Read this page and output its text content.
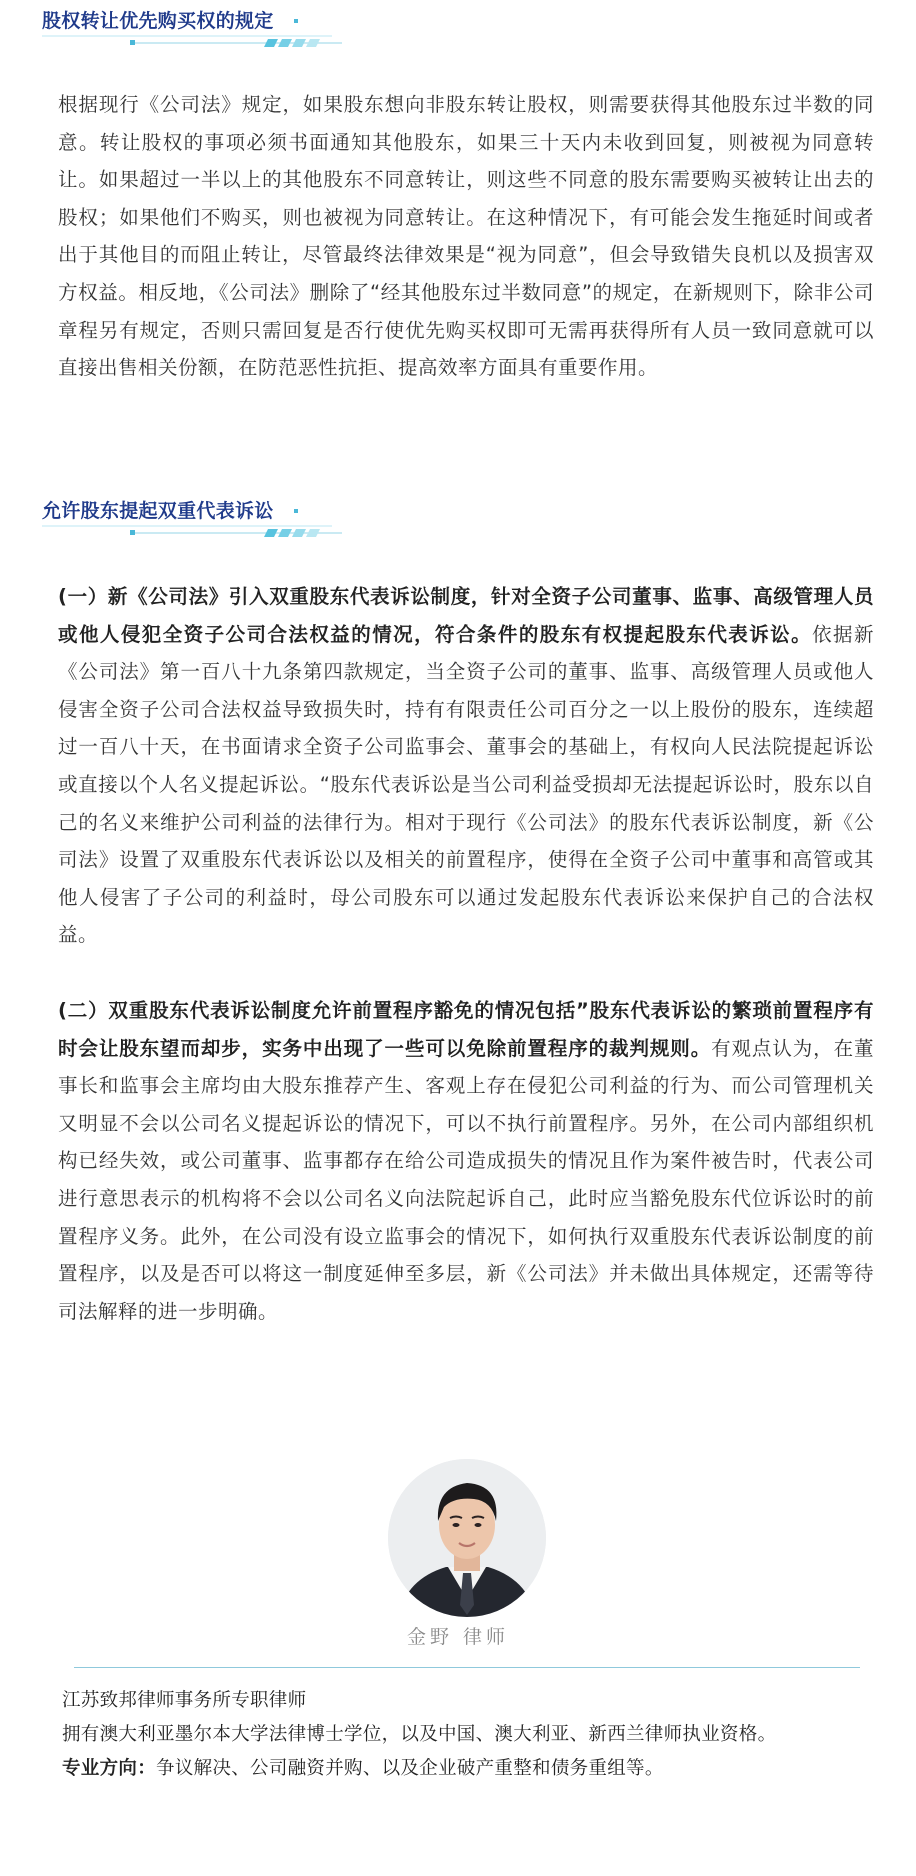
股权转让优先购买权的规定

根据现行《公司法》规定，如果股东想向非股东转让股权，则需要获得其他股东过半数的同意。转让股权的事项必须书面通知其他股东，如果三十天内未收到回复，则被视为同意转让。如果超过一半以上的其他股东不同意转让，则这些不同意的股东需要购买被转让出去的股权；如果他们不购买，则也被视为同意转让。在这种情况下，有可能会发生拖延时间或者出于其他目的而阻止转让，尽管最终法律效果是“视为同意”，但会导致错失良机以及损害双方权益。相反地，《公司法》删除了“经其他股东过半数同意”的规定，在新规则下，除非公司章程另有规定，否则只需回复是否行使优先购买权即可无需再获得所有人员一致同意就可以直接出售相关份额，在防范恶性抗拒、提高效率方面具有重要作用。

允许股东提起双重代表诉讼

(一）新《公司法》引入双重股东代表诉讼制度，针对全资子公司董事、监事、高级管理人员或他人侵犯全资子公司合法权益的情况，符合条件的股东有权提起股东代表诉讼。依据新《公司法》第一百八十九条第四款规定，当全资子公司的董事、监事、高级管理人员或他人侵害全资子公司合法权益导致损失时，持有有限责任公司百分之一以上股份的股东，连续超过一百八十天，在书面请求全资子公司监事会、董事会的基础上，有权向人民法院提起诉讼或直接以个人名义提起诉讼。“股东代表诉讼是当公司利益受损却无法提起诉讼时，股东以自己的名义来维护公司利益的法律行为。相对于现行《公司法》的股东代表诉讼制度，新《公司法》设置了双重股东代表诉讼以及相关的前置程序，使得在全资子公司中董事和高管或其他人侵害了子公司的利益时，母公司股东可以通过发起股东代表诉讼来保护自己的合法权益。

(二）双重股东代表诉讼制度允许前置程序豁免的情况包括”股东代表诉讼的繁琐前置程序有时会让股东望而却步，实务中出现了一些可以免除前置程序的裁判规则。有观点认为，在董事长和监事会主席均由大股东推荐产生、客观上存在侵犯公司利益的行为、而公司管理机关又明显不会以公司名义提起诉讼的情况下，可以不执行前置程序。另外，在公司内部组织机构已经失效，或公司董事、监事都存在给公司造成损失的情况且作为案件被告时，代表公司进行意思表示的机构将不会以公司名义向法院起诉自己，此时应当豁免股东代位诉讼时的前置程序义务。此外，在公司没有设立监事会的情况下，如何执行双重股东代表诉讼制度的前置程序，以及是否可以将这一制度延伸至多层，新《公司法》并未做出具体规定，还需等待司法解释的进一步明确。

金野 律师
江苏致邦律师事务所专职律师
拥有澳大利亚墨尔本大学法律博士学位，以及中国、澳大利亚、新西兰律师执业资格。
专业方向：争议解决、公司融资并购、以及企业破产重整和债务重组等。
